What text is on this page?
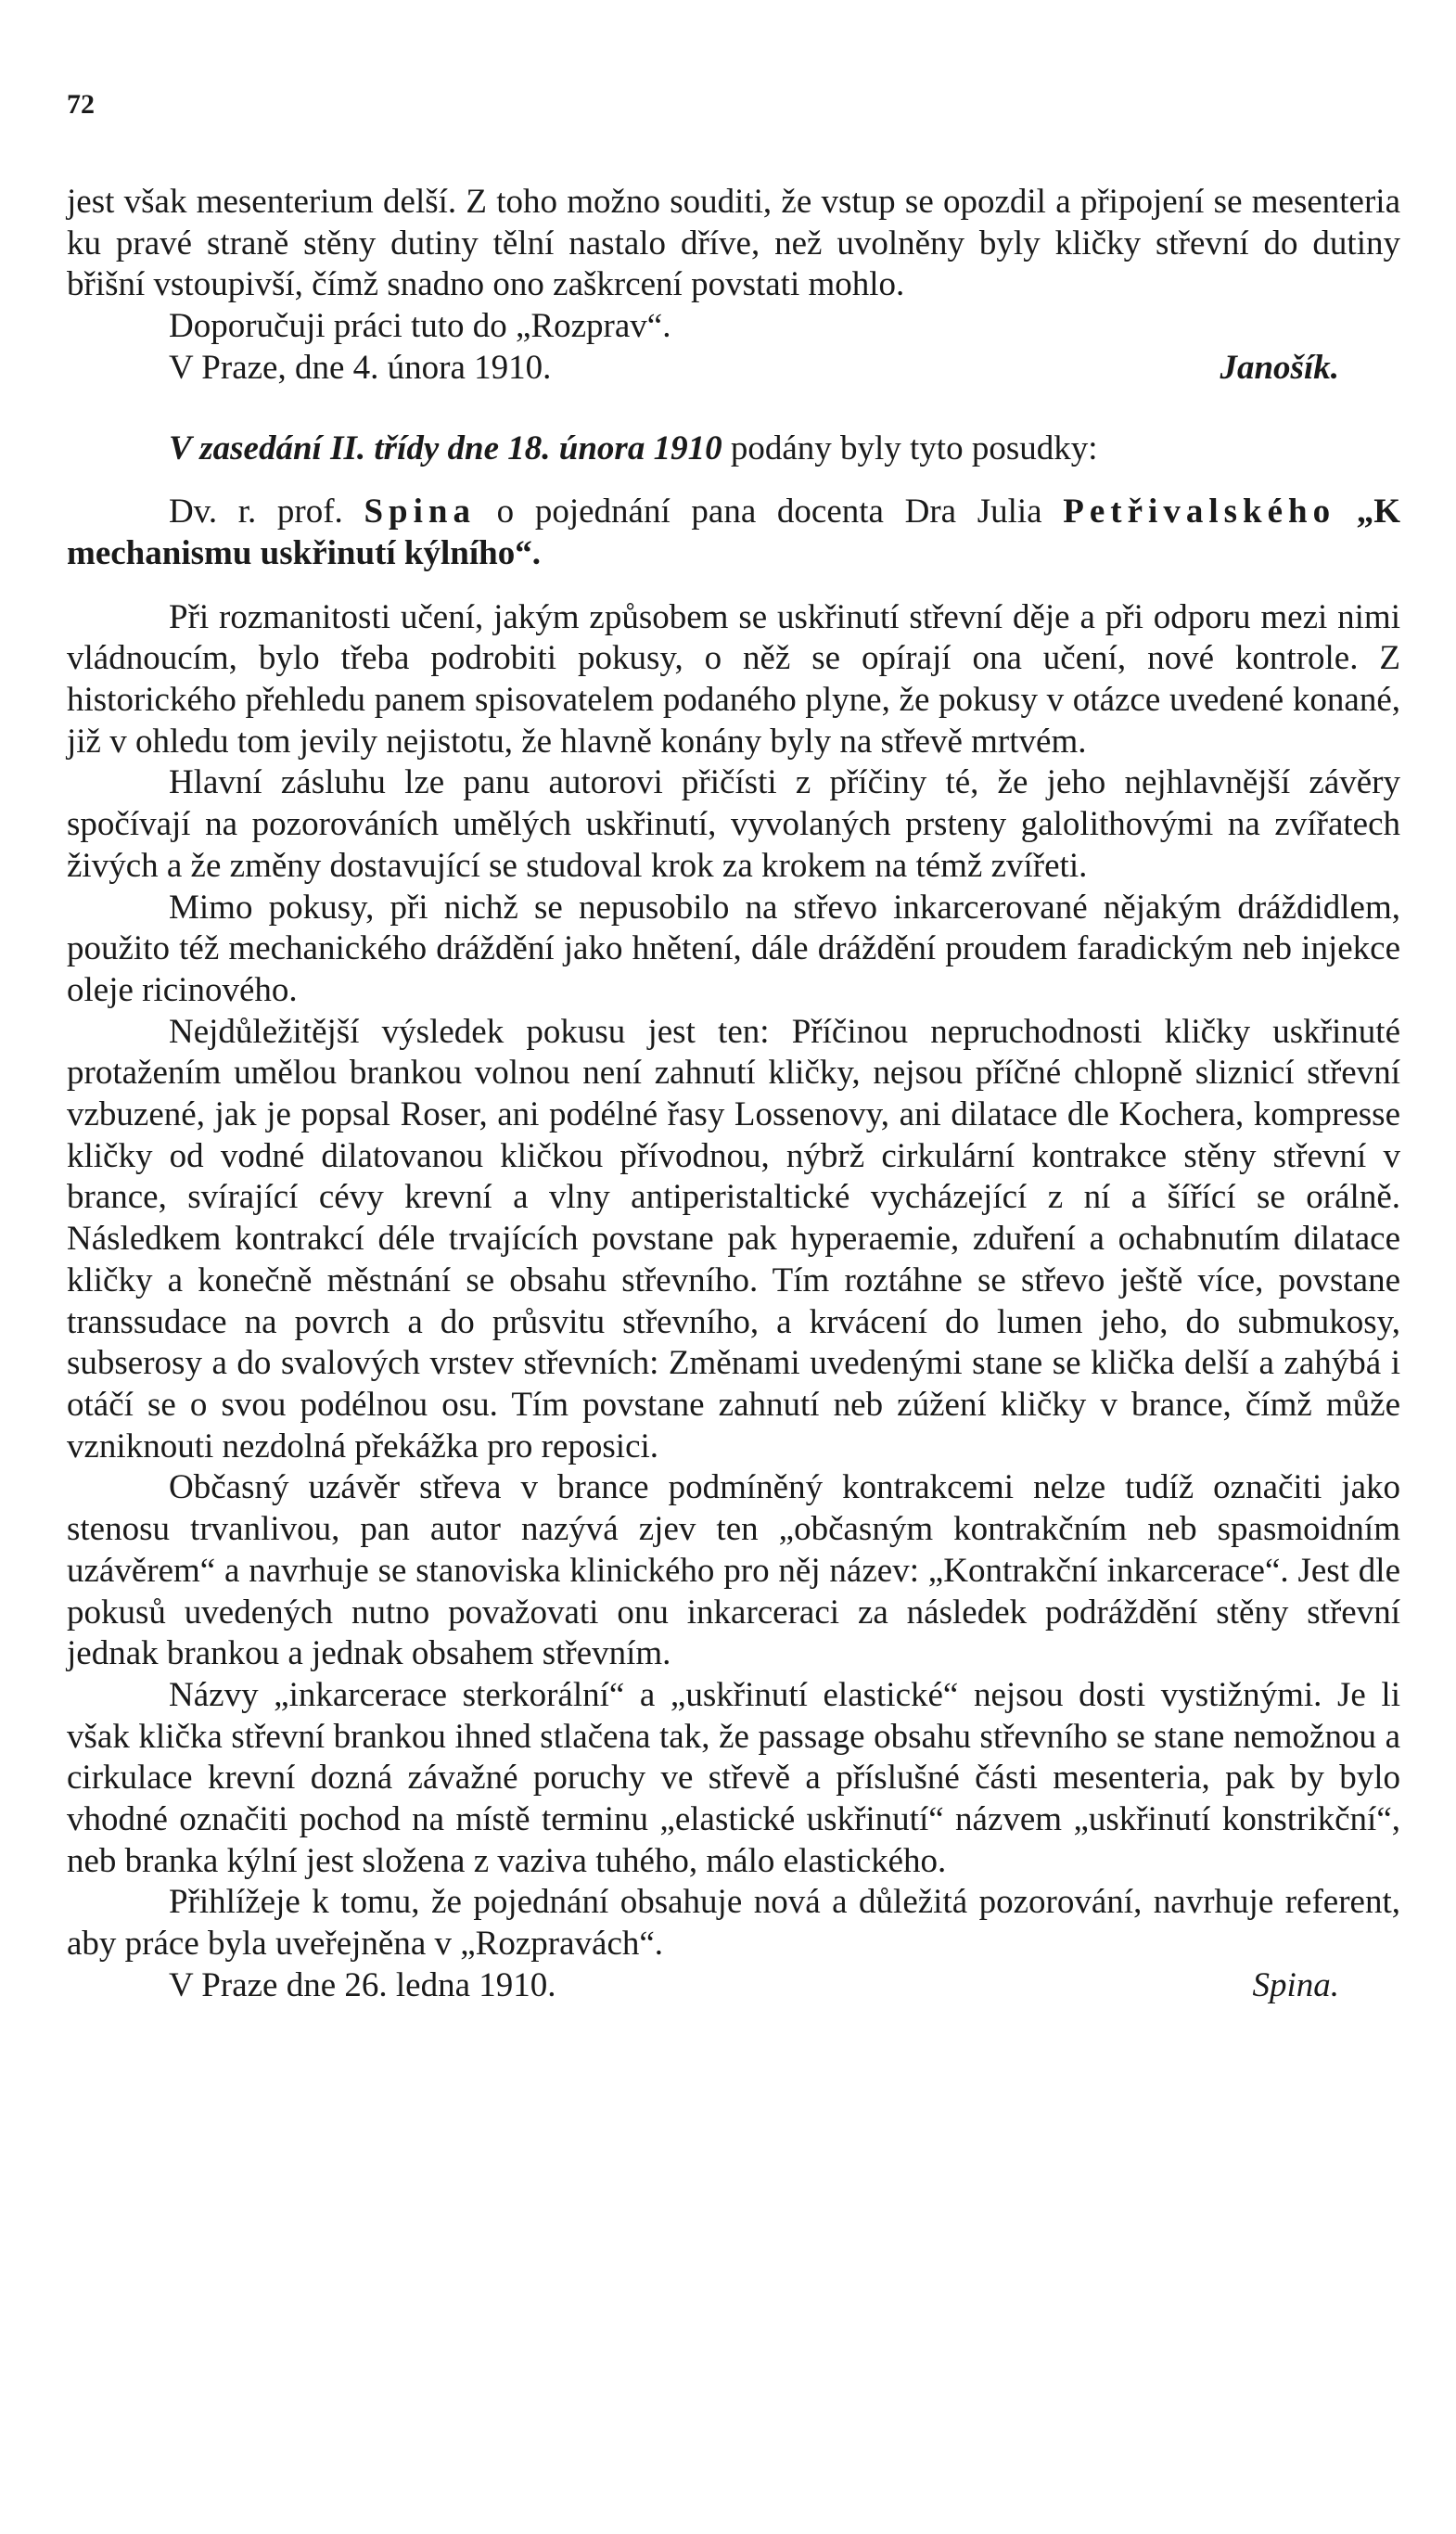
72

jest však mesenterium delší. Z toho možno souditi, že vstup se opozdil a připojení se mesenteria ku pravé straně stěny dutiny tělní nastalo dříve, než uvolněny byly kličky střevní do dutiny břišní vstoupivší, čímž snadno ono zaškrcení povstati mohlo.

Doporučuji práci tuto do „Rozprav“.

V Praze, dne 4. února 1910.	Janošík.

V zasedání II. třídy dne 18. února 1910 podány byly tyto posudky:

Dv. r. prof. Spina o pojednání pana docenta Dra Julia Petřivalského „K mechanismu uskřinutí kýlního“.

Při rozmanitosti učení, jakým způsobem se uskřinutí střevní děje a při odporu mezi nimi vládnoucím, bylo třeba podrobiti pokusy, o něž se opírají ona učení, nové kontrole. Z historického přehledu panem spisovatelem podaného plyne, že pokusy v otázce uvedené konané, již v ohledu tom jevily nejistotu, že hlavně konány byly na střevě mrtvém.

Hlavní zásluhu lze panu autorovi přičísti z příčiny té, že jeho nejhlavnější závěry spočívají na pozorováních umělých uskřinutí, vyvolaných prsteny galolithovými na zvířatech živých a že změny dostavující se studoval krok za krokem na témž zvířeti.

Mimo pokusy, při nichž se nepusobilo na střevo inkarcerované nějakým dráždidlem, použito též mechanického dráždění jako hnětení, dále dráždění proudem faradickým neb injekce oleje ricinového.

Nejdůležitější výsledek pokusu jest ten: Příčinou nepruchodnosti kličky uskřinuté protažením umělou brankou volnou není zahnutí kličky, nejsou příčné chlopně sliznicí střevní vzbuzené, jak je popsal Roser, ani podélné řasy Lossenovy, ani dilatace dle Kochera, kompresse kličky od vodné dilatovanou kličkou přívodnou, nýbrž cirkulární kontrakce stěny střevní v brance, svírající cévy krevní a vlny antiperistaltické vycházející z ní a šířící se orálně. Následkem kontrakcí déle trvajících povstane pak hyperaemie, zduření a ochabnutím dilatace kličky a konečně městnání se obsahu střevního. Tím roztáhne se střevo ještě více, povstane transsudace na povrch a do průsvitu střevního, a krvácení do lumen jeho, do submukosy, subserosy a do svalových vrstev střevních: Změnami uvedenými stane se klička delší a zahýbá i otáčí se o svou podélnou osu. Tím povstane zahnutí neb zúžení kličky v brance, čímž může vzniknouti nezdolná překážka pro reposici.

Občasný uzávěr střeva v brance podmíněný kontrakcemi nelze tudíž označiti jako stenosu trvanlivou, pan autor nazývá zjev ten „občasným kontrakčním neb spasmoidním uzávěrem“ a navrhuje se stanoviska klinického pro něj název: „Kontrakční inkarcerace“. Jest dle pokusů uvedených nutno považovati onu inkarceraci za následek podráždění stěny střevní jednak brankou a jednak obsahem střevním.

Názvy „inkarcerace sterkorální“ a „uskřinutí elastické“ nejsou dosti vystižnými. Je li však klička střevní brankou ihned stlačena tak, že passage obsahu střevního se stane nemožnou a cirkulace krevní dozná závažné poruchy ve střevě a příslušné části mesenteria, pak by bylo vhodné označiti pochod na místě terminu „elastické uskřinutí“ názvem „uskřinutí konstrikční“, neb branka kýlní jest složena z vaziva tuhého, málo elastického.

Přihlížeje k tomu, že pojednání obsahuje nová a důležitá pozorování, navrhuje referent, aby práce byla uveřejněna v „Rozpravách“.

V Praze dne 26. ledna 1910.	Spina.
